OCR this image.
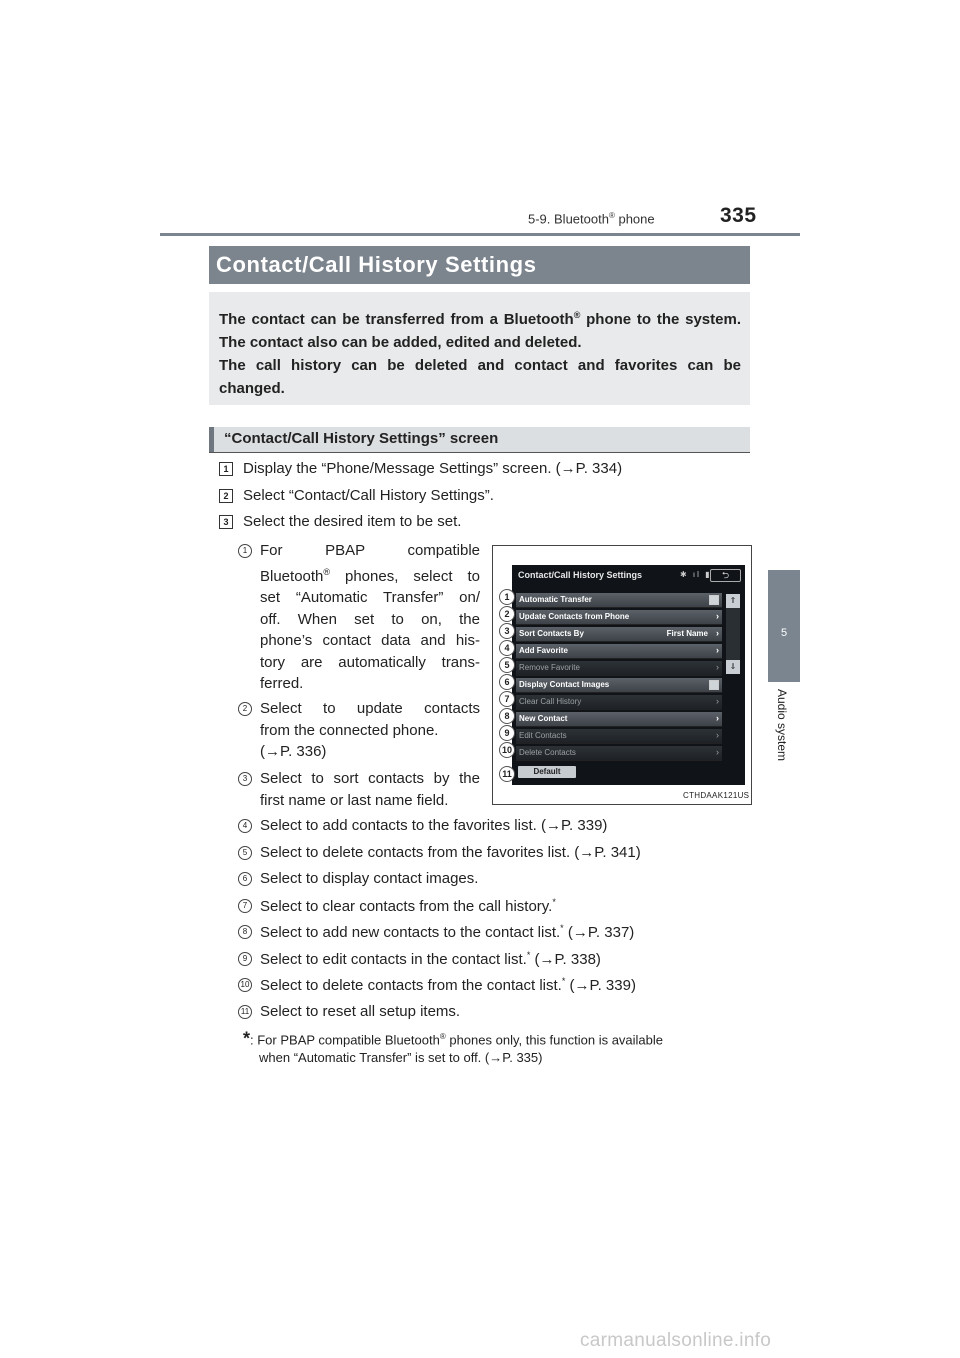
5-9. Bluetooth® phone	335
5
Audio system
Contact/Call History Settings
The contact can be transferred from a Bluetooth® phone to the system. The contact also can be added, edited and deleted.
The call history can be deleted and contact and favorites can be changed.
“Contact/Call History Settings” screen
1 Display the “Phone/Message Settings” screen. (→P. 334)
2 Select “Contact/Call History Settings”.
3 Select the desired item to be set.
1 For PBAP compatible
Bluetooth® phones, select to
set “Automatic Transfer” on/
off. When set to on, the
phone’s contact data and his-
tory are automatically trans-
ferred.
2 Select to update contacts
from the connected phone.
(→P. 336)
3 Select to sort contacts by the
first name or last name field.
4 Select to add contacts to the favorites list. (→P. 339)
5 Select to delete contacts from the favorites list. (→P. 341)
6 Select to display contact images.
7 Select to clear contacts from the call history.*
8 Select to add new contacts to the contact list.* (→P. 337)
9 Select to edit contacts in the contact list.* (→P. 338)
10 Select to delete contacts from the contact list.* (→P. 339)
11 Select to reset all setup items.
*: For PBAP compatible Bluetooth® phones only, this function is available
when “Automatic Transfer” is set to off. (→P. 335)
Contact/Call History Settings	✱ ıl ▮	⮌
Automatic Transfer
Update Contacts from Phone	›
Sort Contacts By	First Name ›
Add Favorite	›
Remove Favorite	›
Display Contact Images
Clear Call History	›
New Contact	›
Edit Contacts	›
Delete Contacts	›
⇑
⇓
Default
1
2
3
4
5
6
7
8
9
10
11
CTHDAAK121US
carmanualsonline.info
